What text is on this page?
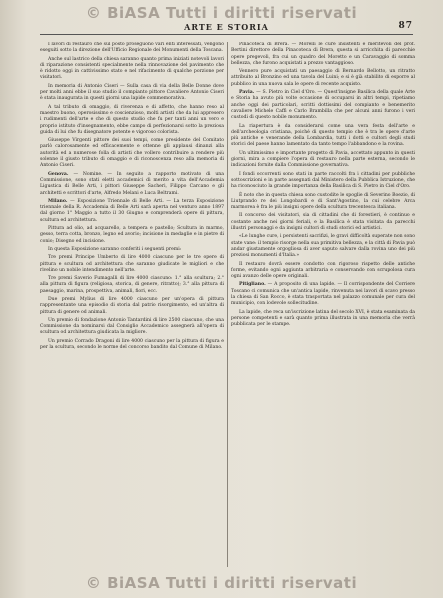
© BiASA Tutti i diritti riservati
ARTE E STORIA	87

I lavori di restauro che sul posto proseguono vari enti interessati, vengono eseguiti sotto la direzione dell'Ufficio Regionale dei Monumenti della Toscana.

Anche sul lastrico della chiesa saranno quanto prima iniziati notevoli lavori di riparazione consistenti specialmente nella rinnovazione del pavimento che è ridotto oggi in cattivissimo stato e nel rifacimento di qualche porzione per visitatori.

In memoria di Antonio Ciseri — Sulla casa di via della Belle Donne dove per molti anni ebbe il suo studio il compianto pittore Cavaliere Antonio Ciseri è stata inaugurata in questi giorni una lapide commemorativa.

A tal tributo di omaggio, di riverenza e di affetto, che hanno reso al maestro buono, operosissimo e coscienzioso, molti artisti che da lui appresero i rudimenti dell'arte e che di questo studio che fu per tanti anni un vero e proprio istituto d'insegnamento, ebbe campo di perfezionarsi sotto la preziosa guida di lui che fu disegnatore potente e vigoroso colorista.

Giuseppe Virgenti pittore dei suoi tempi, come presidente del Comitato parlò calorosamente ed efficacemente e ottenne gli applausi dinanzi alla autorità ed a numerose folla di artisti che vollero contribuire a rendere più solenne il giusto tributo di omaggio e di riconoscenza reso alla memoria di Antonio Ciseri.

Genova. — Nomine. — In seguito a rapporto motivato di una Commissione, sono stati eletti accademici di merito a vita dell'Accademia Ligustica di Belle Arti, i pittori Giuseppe Sacheri, Filippo Carcano e gli architetti e scrittori d'arte, Alfredo Melani e Luca Beltrami.

Milano. — Esposizione Triennale di Belle Arti. — La terza Esposizione triennale della R. Accademia di Belle Arti sarà aperta nel venturo anno 1897 dal giorno 1° Maggio a tutto il 30 Giugno e comprenderà opere di pittura, scultura ed architettura.

Pittura ad olio, ad acquarello, a tempera e pastello; Scultura in marmo, gesso, terra cotta, bronzo, legno ed avorio; incisione in medaglie e in pietre di conio; Disegno ed incisione.

In questa Esposizione saranno conferiti i seguenti premi:

Tre premi Principe Umberto di lire 4000 ciascuno per le tre opere di pittura e scultura od architettura che saranno giudicate le migliori e che rivelino un nobile intendimento nell'arte.

Tre premi Saverio Fumagalli di lire 4000 ciascuno: 1.° alla scultura; 2.° alla pittura di figura (religiosa, storica, di genere, ritratto); 3.° alla pittura di paesaggio, marina, prospettiva, animali, fiori, ecc.

Due premi Mylius di lire 4000 ciascuno per un'opera di pittura rappresentante una episodio di storia dal patrio risorgimento, ed un'altra di pittura di genere od animali.

Un premio di fondazione Antonio Tantardini di lire 2500 ciascuno, che una Commissione da nominarsi dal Consiglio Accademico assegnerà all'opera di scultura od architettura giudicata la migliore.

Un premio Corrado Dragoni di lire 4000 ciascuno per la pittura di figura e per la scultura, secondo le norme del concorso bandito dal Comune di Milano.

Pinacoteca di Brera. — Morelli le cure insistenti e meritevoli del prof. Bertini direttore della Pinacoteca di Brera, questa si arricchita di parecchie opere pregevoli, fra cui un quadro del Moretto e un Caravaggio di somma bellezza, che furono acquistati a prezzo vantaggioso.

Vennero pure acquistati un paesaggio di Bernardo Bellotto, un ritratto attribuito al Bronzino ed una tavola del Luini; e si è già stabilito di esporre al pubblico in una nuova sala le opere di recente acquisto.

Pavia. — S. Pietro in Ciel d'Oro. — Quest'insigne Basilica della quale Arte e Storia ha avuto più volte occasione di occuparsi in altri tempi, ripetiamo anche oggi dei particolari, scritti dottissimi del compianto e benemerito cavaliere Michele Caffi e Carlo Brambilla che per alcuni anni furono i veri custodi di questo nobile monumento.

La riapertura è da considerarsi come una vera festa dell'arte e dell'archeologia cristiana, poiché di questo tempio che è tra le opere d'arte più antiche e venerande della Lombardia, tutti i dotti e cultori degli studi storici del paese hanno lamentato da tanto tempo l'abbandono e la rovina.

Un ultimissimo e importante progetto di Pavia, accettato appunto in questi giorni, mira a compiere l'opera di restauro nella parte esterna, secondo le indicazioni fornite dalla Commissione governativa.

I fondi occorrenti sono stati in parte raccolti fra i cittadini per pubbliche sottoscrizioni e in parte assegnati dal Ministero della Pubblica Istruzione, che ha riconosciuto la grande importanza della Basilica di S. Pietro in Ciel d'Oro.

È noto che in questa chiesa sono custodite le spoglie di Severino Boezio, di Liutprando re dei Longobardi e di Sant'Agostino, la cui celebre Arca marmorea è fra le più insigni opere della scultura trecentesca italiana.

Il concorso dei visitatori, sia di cittadini che di forestieri, è continuo e costante anche nei giorni feriali, e la Basilica è stata visitata da parecchi illustri personaggi e da insigni cultori di studi storici ed artistici.

«Le lunghe cure, i persistenti sacrifizi, le gravi difficoltà superate non sono state vane: il tempio risorge nella sua primitiva bellezza, e la città di Pavia può andar giustamente orgogliosa di aver saputo salvare dalla rovina uno dei più preziosi monumenti d'Italia.»

Il restauro dovrà essere condotto con rigoroso rispetto delle antiche forme, evitando ogni aggiunta arbitraria e conservando con scrupolosa cura ogni avanzo delle opere originali.

Pitigliano. — A proposito di una lapide. — Il corrispondente del Corriere Toscano ci comunica che un'antica lapide, rinvenuta nei lavori di scavo presso la chiesa di San Rocco, è stata trasportata nel palazzo comunale per cura del municipio, con lodevole sollecitudine.

La lapide, che reca un'iscrizione latina del secolo XVI, è stata esaminata da persone competenti e sarà quanto prima illustrata in una memoria che verrà pubblicata per le stampe.

© BiASA Tutti i diritti riservati
